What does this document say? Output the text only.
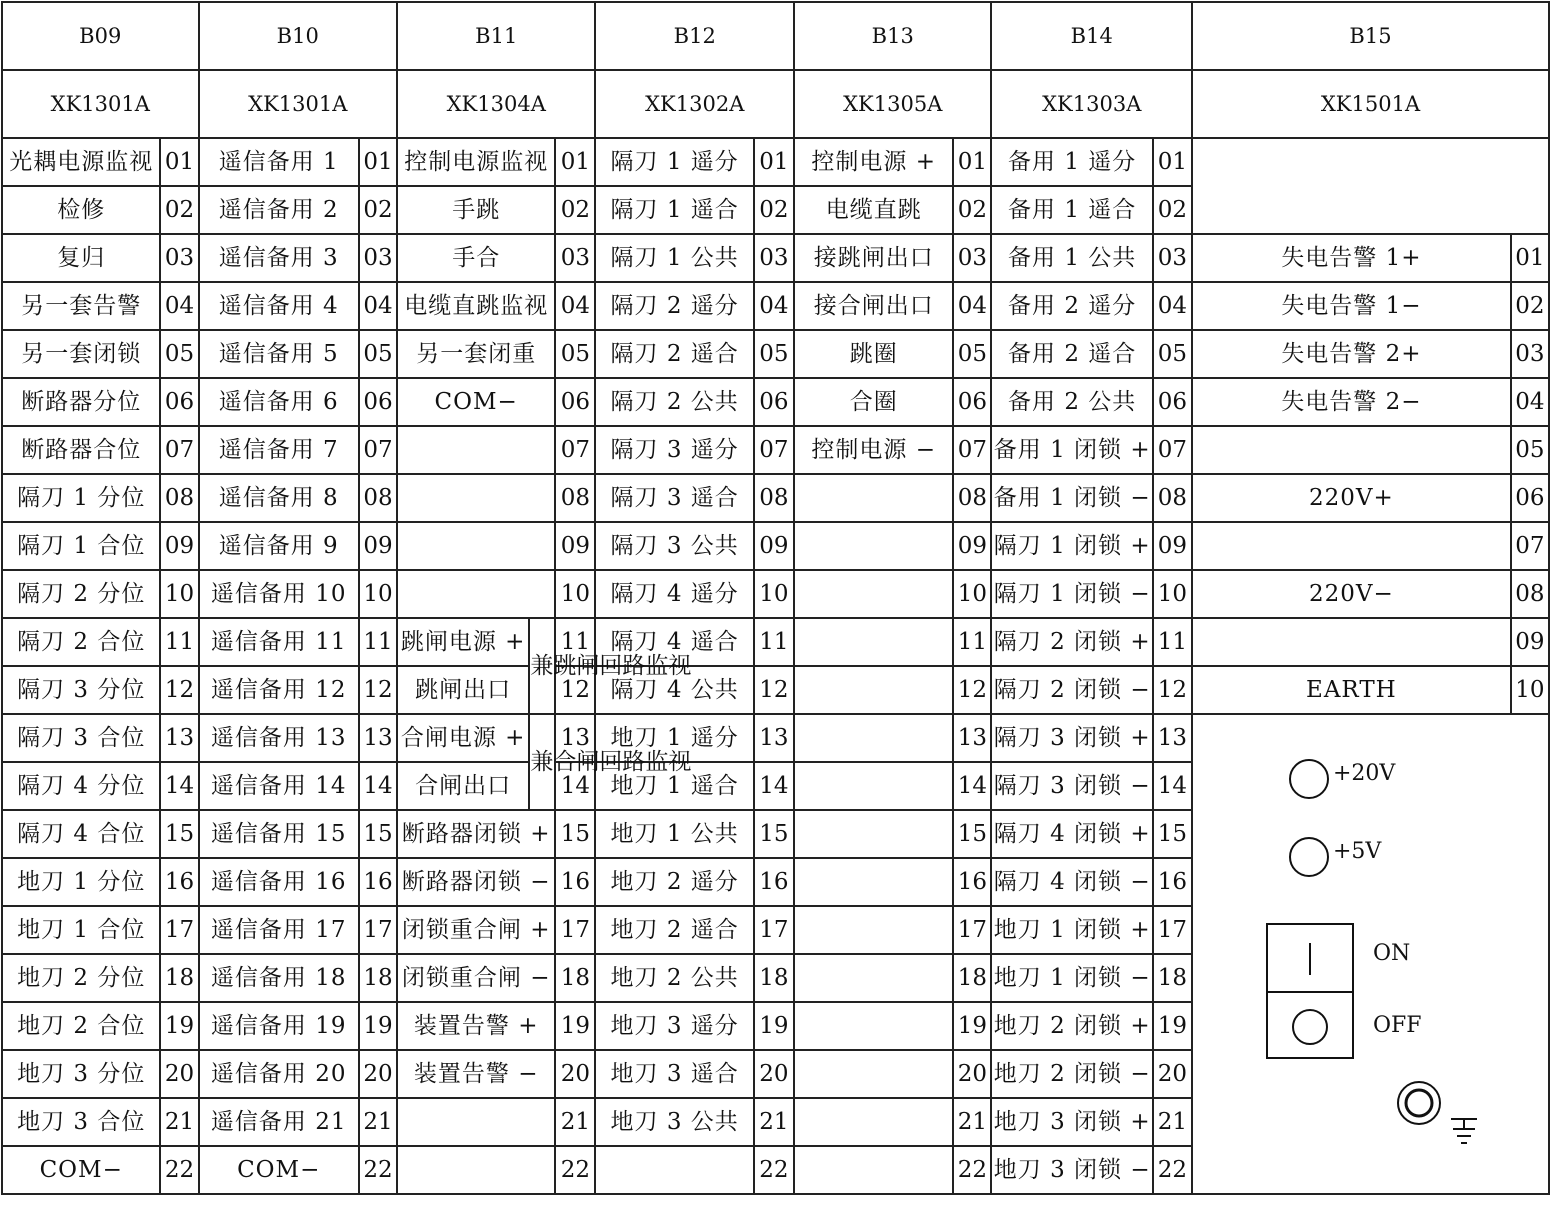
B09		B10		B11			B12		B13		B14		B15	
XK1301A		XK1301A		XK1304A			XK1302A		XK1305A		XK1303A		XK1501A	
光耦电源监视	01	遥信备用 1	01	控制电源监视		01	隔刀 1 遥分	01	控制电源 +	01	备用 1 遥分	01		
检修	02	遥信备用 2	02	手跳		02	隔刀 1 遥合	02	电缆直跳	02	备用 1 遥合	02		
复归	03	遥信备用 3	03	手合		03	隔刀 1 公共	03	接跳闸出口	03	备用 1 公共	03	失电告警 1+	01
另一套告警	04	遥信备用 4	04	电缆直跳监视		04	隔刀 2 遥分	04	接合闸出口	04	备用 2 遥分	04	失电告警 1−	02
另一套闭锁	05	遥信备用 5	05	另一套闭重		05	隔刀 2 遥合	05	跳圈	05	备用 2 遥合	05	失电告警 2+	03
断路器分位	06	遥信备用 6	06	COM−		06	隔刀 2 公共	06	合圈	06	备用 2 公共	06	失电告警 2−	04
断路器合位	07	遥信备用 7	07			07	隔刀 3 遥分	07	控制电源 −	07	备用 1 闭锁 +	07		05
隔刀 1 分位	08	遥信备用 8	08			08	隔刀 3 遥合	08		08	备用 1 闭锁 −	08	220V+	06
隔刀 1 合位	09	遥信备用 9	09			09	隔刀 3 公共	09		09	隔刀 1 闭锁 +	09		07
隔刀 2 分位	10	遥信备用 10	10			10	隔刀 4 遥分	10		10	隔刀 1 闭锁 −	10	220V−	08
隔刀 2 合位	11	遥信备用 11	11	跳闸电源 +	兼跳闸回路监视	11	隔刀 4 遥合	11		11	隔刀 2 闭锁 +	11		09
隔刀 3 分位	12	遥信备用 12	12	跳闸出口		12	隔刀 4 公共	12		12	隔刀 2 闭锁 −	12	EARTH	10
隔刀 3 合位	13	遥信备用 13	13	合闸电源 +	兼合闸回路监视	13	地刀 1 遥分	13		13	隔刀 3 闭锁 +	13	+20V
+5V
ON
OFF	

隔刀 4 分位	14	遥信备用 14	14	合闸出口		14	地刀 1 遥合	14		14	隔刀 3 闭锁 −	14		
隔刀 4 合位	15	遥信备用 15	15	断路器闭锁 +		15	地刀 1 公共	15		15	隔刀 4 闭锁 +	15		
地刀 1 分位	16	遥信备用 16	16	断路器闭锁 −		16	地刀 2 遥分	16		16	隔刀 4 闭锁 −	16		
地刀 1 合位	17	遥信备用 17	17	闭锁重合闸 +		17	地刀 2 遥合	17		17	地刀 1 闭锁 +	17		
地刀 2 分位	18	遥信备用 18	18	闭锁重合闸 −		18	地刀 2 公共	18		18	地刀 1 闭锁 −	18		
地刀 2 合位	19	遥信备用 19	19	装置告警 +		19	地刀 3 遥分	19		19	地刀 2 闭锁 +	19		
地刀 3 分位	20	遥信备用 20	20	装置告警 −		20	地刀 3 遥合	20		20	地刀 2 闭锁 −	20		
地刀 3 合位	21	遥信备用 21	21			21	地刀 3 公共	21		21	地刀 3 闭锁 +	21		
COM−	22	COM−	22			22		22		22	地刀 3 闭锁 −	22		
